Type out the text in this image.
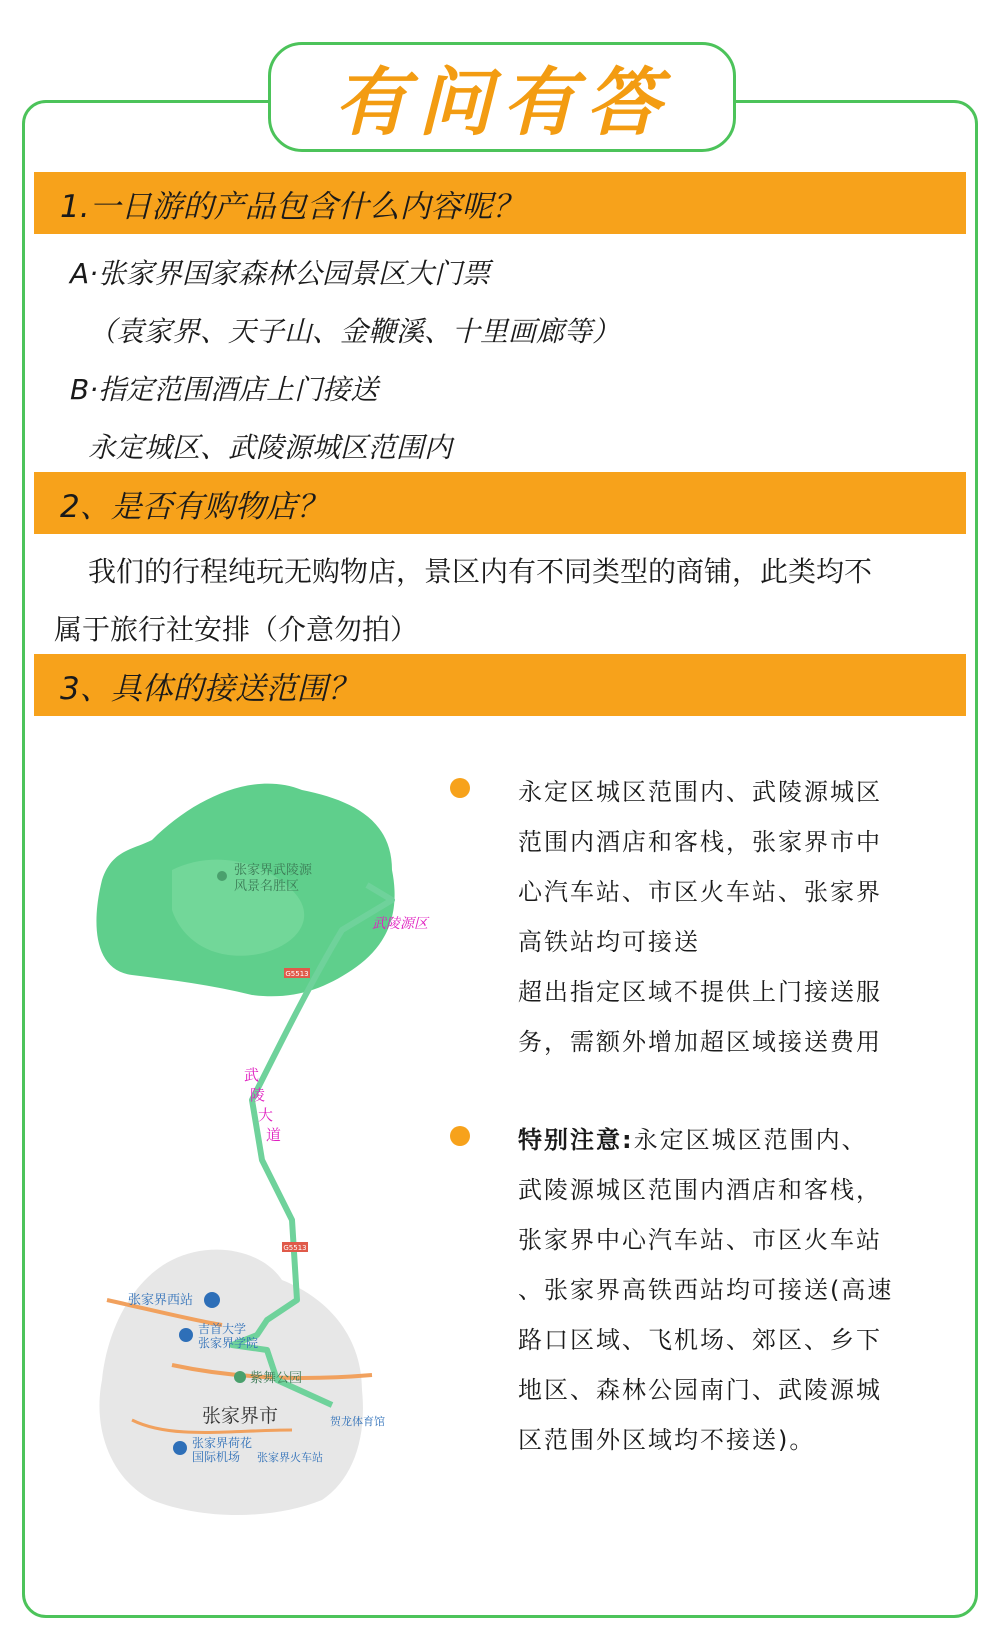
有问有答
1.一日游的产品包含什么内容呢？
A·张家界国家森林公园景区大门票
（袁家界、天子山、金鞭溪、十里画廊等）
B·指定范围酒店上门接送
永定城区、武陵源城区范围内
2、是否有购物店？
我们的行程纯玩无购物店，景区内有不同类型的商铺，此类均不
属于旅行社安排（介意勿拍）
3、具体的接送范围？
G5513
G5513
张家界武陵源
风景名胜区
武陵源区
武
陵
大
道
张家界西站
吉首大学
张家界学院
紫舞公园
张家界市	贺龙体育馆
张家界荷花
国际机场 张家界火车站
永定区城区范围内、武陵源城区
范围内酒店和客栈，张家界市中
心汽车站、市区火车站、张家界
高铁站均可接送
超出指定区域不提供上门接送服
务，需额外增加超区域接送费用
特别注意:永定区城区范围内、
武陵源城区范围内酒店和客栈，
张家界中心汽车站、市区火车站
、张家界高铁西站均可接送(高速
路口区域、飞机场、郊区、乡下
地区、森林公园南门、武陵源城
区范围外区域均不接送)。
